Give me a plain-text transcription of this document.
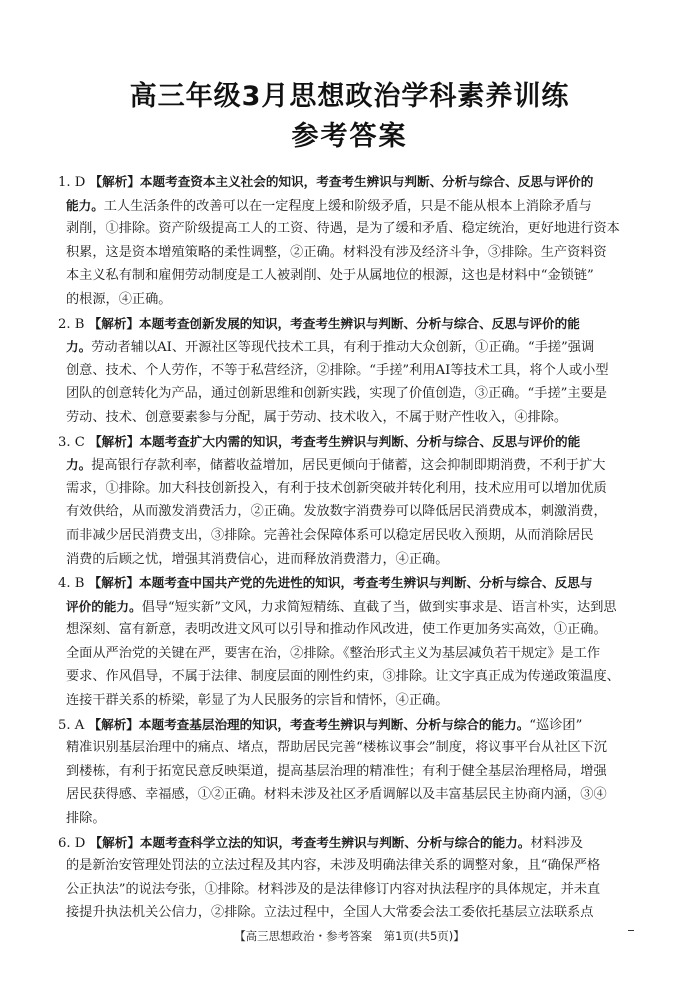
高三年级3月思想政治学科素养训练
参考答案
1. D 【解析】本题考查资本主义社会的知识，考查考生辨识与判断、分析与综合、反思与评价的
能力。工人生活条件的改善可以在一定程度上缓和阶级矛盾，只是不能从根本上消除矛盾与
剥削，①排除。资产阶级提高工人的工资、待遇，是为了缓和矛盾、稳定统治，更好地进行资本
积累，这是资本增殖策略的柔性调整，②正确。材料没有涉及经济斗争，③排除。生产资料资
本主义私有制和雇佣劳动制度是工人被剥削、处于从属地位的根源，这也是材料中“金锁链”
的根源，④正确。
2. B 【解析】本题考查创新发展的知识，考查考生辨识与判断、分析与综合、反思与评价的能
力。劳动者辅以AI、开源社区等现代技术工具，有利于推动大众创新，①正确。“手搓”强调
创意、技术、个人劳作，不等于私营经济，②排除。“手搓”利用AI等技术工具，将个人或小型
团队的创意转化为产品，通过创新思维和创新实践，实现了价值创造，③正确。“手搓”主要是
劳动、技术、创意要素参与分配，属于劳动、技术收入，不属于财产性收入，④排除。
3. C 【解析】本题考查扩大内需的知识，考查考生辨识与判断、分析与综合、反思与评价的能
力。提高银行存款利率，储蓄收益增加，居民更倾向于储蓄，这会抑制即期消费，不利于扩大
需求，①排除。加大科技创新投入，有利于技术创新突破并转化利用，技术应用可以增加优质
有效供给，从而激发消费活力，②正确。发放数字消费券可以降低居民消费成本，刺激消费，
而非减少居民消费支出，③排除。完善社会保障体系可以稳定居民收入预期，从而消除居民
消费的后顾之忧，增强其消费信心，进而释放消费潜力，④正确。
4. B 【解析】本题考查中国共产党的先进性的知识，考查考生辨识与判断、分析与综合、反思与
评价的能力。倡导“短实新”文风，力求简短精练、直截了当，做到实事求是、语言朴实，达到思
想深刻、富有新意，表明改进文风可以引导和推动作风改进，使工作更加务实高效，①正确。
全面从严治党的关键在严，要害在治，②排除。《整治形式主义为基层减负若干规定》是工作
要求、作风倡导，不属于法律、制度层面的刚性约束，③排除。让文字真正成为传递政策温度、
连接干群关系的桥梁，彰显了为人民服务的宗旨和情怀，④正确。
5. A 【解析】本题考查基层治理的知识，考查考生辨识与判断、分析与综合的能力。“巡诊团”
精准识别基层治理中的痛点、堵点，帮助居民完善“楼栋议事会”制度，将议事平台从社区下沉
到楼栋，有利于拓宽民意反映渠道，提高基层治理的精准性；有利于健全基层治理格局，增强
居民获得感、幸福感，①②正确。材料未涉及社区矛盾调解以及丰富基层民主协商内涵，③④
排除。
6. D 【解析】本题考查科学立法的知识，考查考生辨识与判断、分析与综合的能力。材料涉及
的是新治安管理处罚法的立法过程及其内容，未涉及明确法律关系的调整对象，且“确保严格
公正执法”的说法夸张，①排除。材料涉及的是法律修订内容对执法程序的具体规定，并未直
接提升执法机关公信力，②排除。立法过程中，全国人大常委会法工委依托基层立法联系点
【高三思想政治・参考答案　第1页(共5页)】
